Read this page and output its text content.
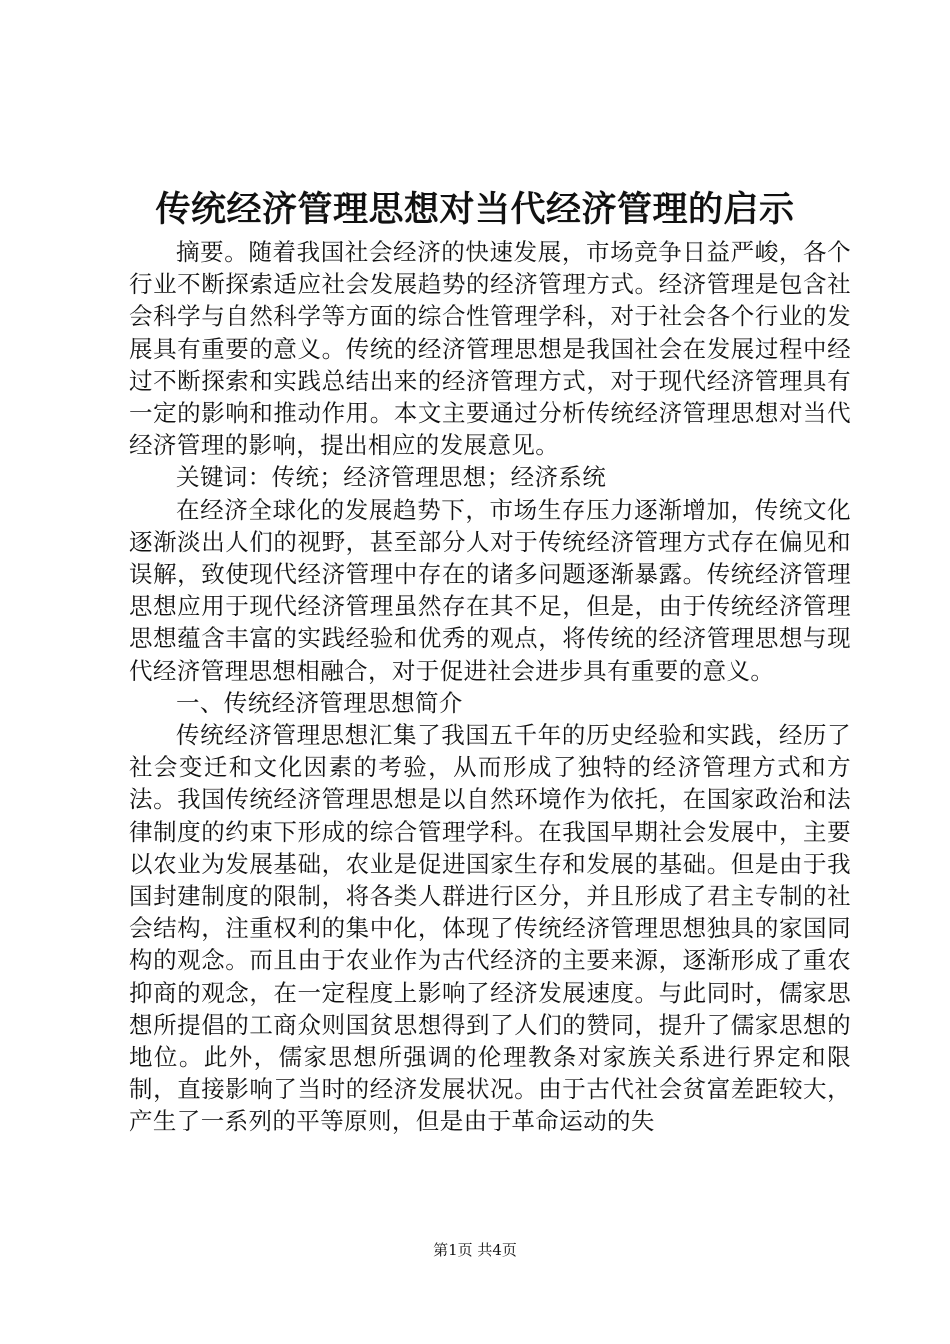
传统经济管理思想对当代经济管理的启示

摘要。随着我国社会经济的快速发展，市场竞争日益严峻，各个行业不断探索适应社会发展趋势的经济管理方式。经济管理是包含社会科学与自然科学等方面的综合性管理学科，对于社会各个行业的发展具有重要的意义。传统的经济管理思想是我国社会在发展过程中经过不断探索和实践总结出来的经济管理方式，对于现代经济管理具有一定的影响和推动作用。本文主要通过分析传统经济管理思想对当代经济管理的影响，提出相应的发展意见。

关键词：传统；经济管理思想；经济系统

在经济全球化的发展趋势下，市场生存压力逐渐增加，传统文化逐渐淡出人们的视野，甚至部分人对于传统经济管理方式存在偏见和误解，致使现代经济管理中存在的诸多问题逐渐暴露。传统经济管理思想应用于现代经济管理虽然存在其不足，但是，由于传统经济管理思想蕴含丰富的实践经验和优秀的观点，将传统的经济管理思想与现代经济管理思想相融合，对于促进社会进步具有重要的意义。

一、传统经济管理思想简介

传统经济管理思想汇集了我国五千年的历史经验和实践，经历了社会变迁和文化因素的考验，从而形成了独特的经济管理方式和方法。我国传统经济管理思想是以自然环境作为依托，在国家政治和法律制度的约束下形成的综合管理学科。在我国早期社会发展中，主要以农业为发展基础，农业是促进国家生存和发展的基础。但是由于我国封建制度的限制，将各类人群进行区分，并且形成了君主专制的社会结构，注重权利的集中化，体现了传统经济管理思想独具的家国同构的观念。而且由于农业作为古代经济的主要来源，逐渐形成了重农抑商的观念，在一定程度上影响了经济发展速度。与此同时，儒家思想所提倡的工商众则国贫思想得到了人们的赞同，提升了儒家思想的地位。此外，儒家思想所强调的伦理教条对家族关系进行界定和限制，直接影响了当时的经济发展状况。由于古代社会贫富差距较大，产生了一系列的平等原则，但是由于革命运动的失

第1页 共4页
